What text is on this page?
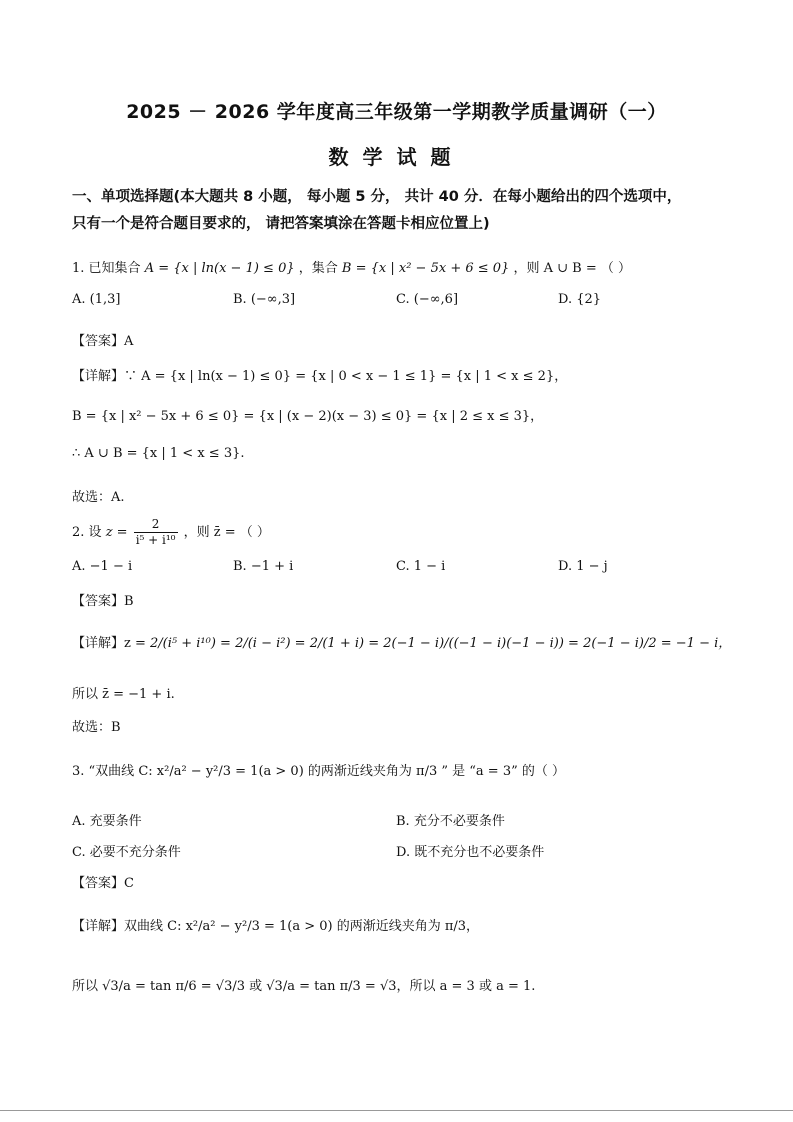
2025 － 2026 学年度高三年级第一学期教学质量调研（一）
数学试题
一、单项选择题(本大题共 8 小题， 每小题 5 分， 共计 40 分．在每小题给出的四个选项中，
只有一个是符合题目要求的， 请把答案填涂在答题卡相应位置上)
1. 已知集合 A = {x | ln(x − 1) ≤ 0} ，集合 B = {x | x² − 5x + 6 ≤ 0} ，则 A ∪ B = （ ）
A. (1,3]	B. (−∞,3]	C. (−∞,6]	D. {2}
【答案】A
【详解】∵ A = {x | ln(x − 1) ≤ 0} = {x | 0 < x − 1 ≤ 1} = {x | 1 < x ≤ 2}，
B = {x | x² − 5x + 6 ≤ 0} = {x | (x − 2)(x − 3) ≤ 0} = {x | 2 ≤ x ≤ 3}，
∴ A ∪ B = {x | 1 < x ≤ 3}.
故选：A.
2. 设 $z = \frac{2}{\text{i⁵ + i¹⁰}}$ ，则 z̄ = （ ）
A. −1 − i	B. −1 + i	C. 1 − i	D. 1 − j
【答案】B
【详解】z = 2/(i⁵ + i¹⁰) = 2/(i − i²) = 2/(1 + i) = 2(−1 − i)/((−1 − i)(−1 − i)) = 2(−1 − i)/2 = −1 − i，
所以 z̄ = −1 + i.
故选：B
3. “双曲线 C: x²/a² − y²/3 = 1(a > 0) 的两渐近线夹角为 π/3 ” 是 “a = 3” 的（ ）
A. 充要条件	B. 充分不必要条件
C. 必要不充分条件	D. 既不充分也不必要条件
【答案】C
【详解】双曲线 C: x²/a² − y²/3 = 1(a > 0) 的两渐近线夹角为 π/3，
所以 √3/a = tan π/6 = √3/3 或 √3/a = tan π/3 = √3，所以 a = 3 或 a = 1.
